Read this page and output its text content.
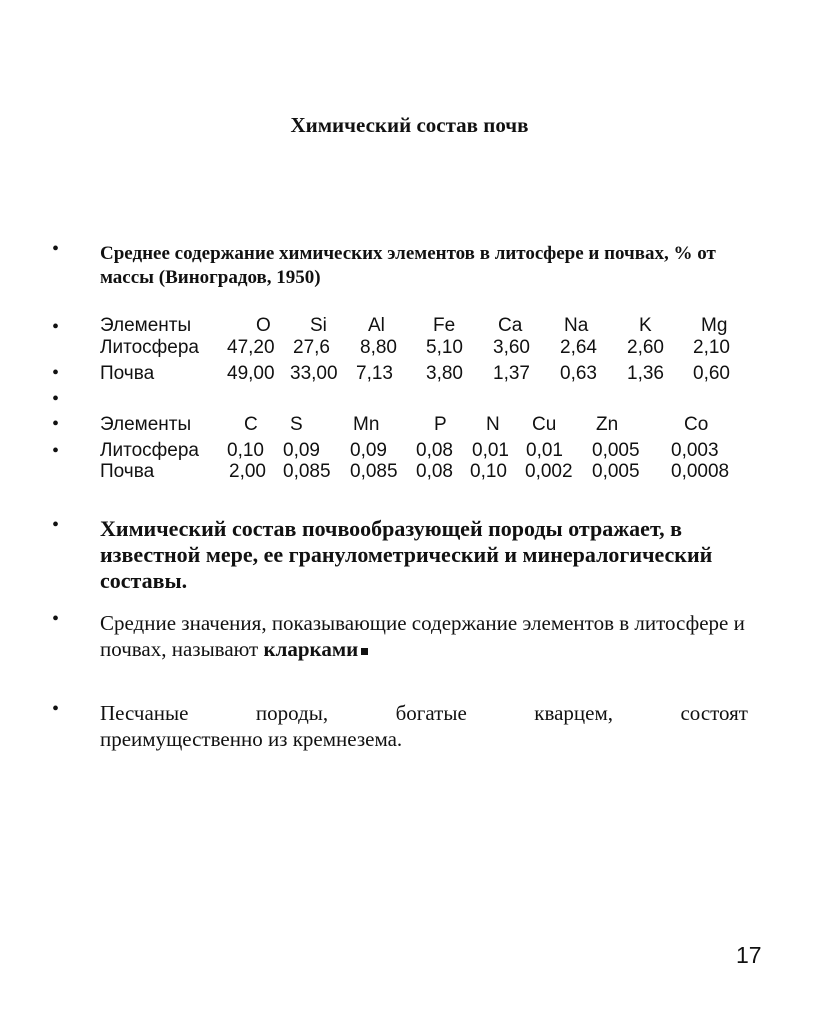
Химический состав почв
•
•
•
•
•
•
•
•
•
Среднее содержание химических элементов в литосфере и почвах, % от массы (Виноградов, 1950)
Элементы	O Si Al	Fe Ca Na	K	Mg
Литосфера 47,20 27,6 8,80 5,10 3,60 2,64 2,60 2,10
Почва	49,00 33,00 7,13 3,80 1,37 0,63 1,36 0,60
Элементы	C S	Mn	P N Cu Zn	Co
Литосфера 0,10 0,09 0,09 0,08 0,01 0,01 0,005 0,003
Почва	2,00 0,085 0,085 0,08 0,10 0,002 0,005 0,0008
Химический состав почвообразующей породы отражает, в известной мере, ее гранулометрический и минералогический составы.
Средние значения, показывающие содержание элементов в литосфере и почвах, называют кларками
Песчаные породы, богатые кварцем, состоят
преимущественно из кремнезема.
17
